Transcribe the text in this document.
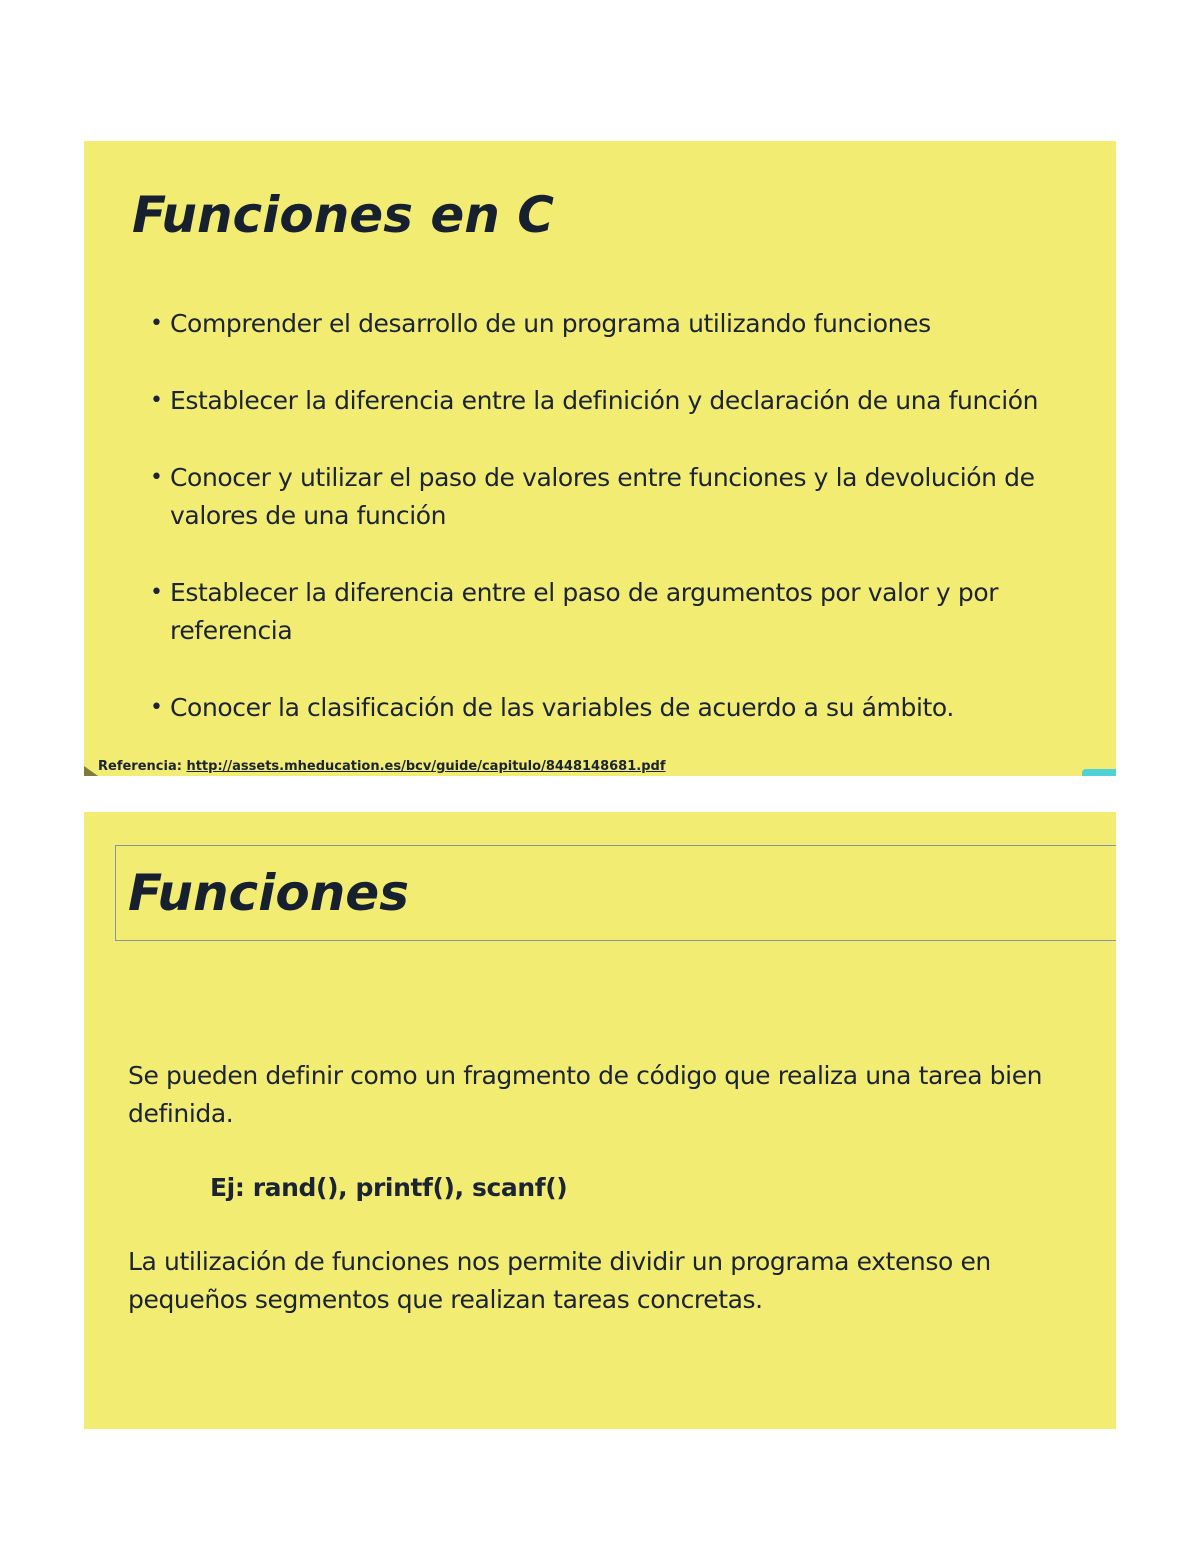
Funciones en C
• Comprender el desarrollo de un programa utilizando funciones
• Establecer la diferencia entre la definición y declaración de una función
• Conocer y utilizar el paso de valores entre funciones y la devolución de valores de una función
• Establecer la diferencia entre el paso de argumentos por valor y por referencia
• Conocer la clasificación de las variables de acuerdo a su ámbito.
Referencia: http://assets.mheducation.es/bcv/guide/capitulo/8448148681.pdf
Funciones

Se pueden definir como un fragmento de código que realiza una tarea bien definida.

Ej: rand(), printf(), scanf()

La utilización de funciones nos permite dividir un programa extenso en pequeños segmentos que realizan tareas concretas.
